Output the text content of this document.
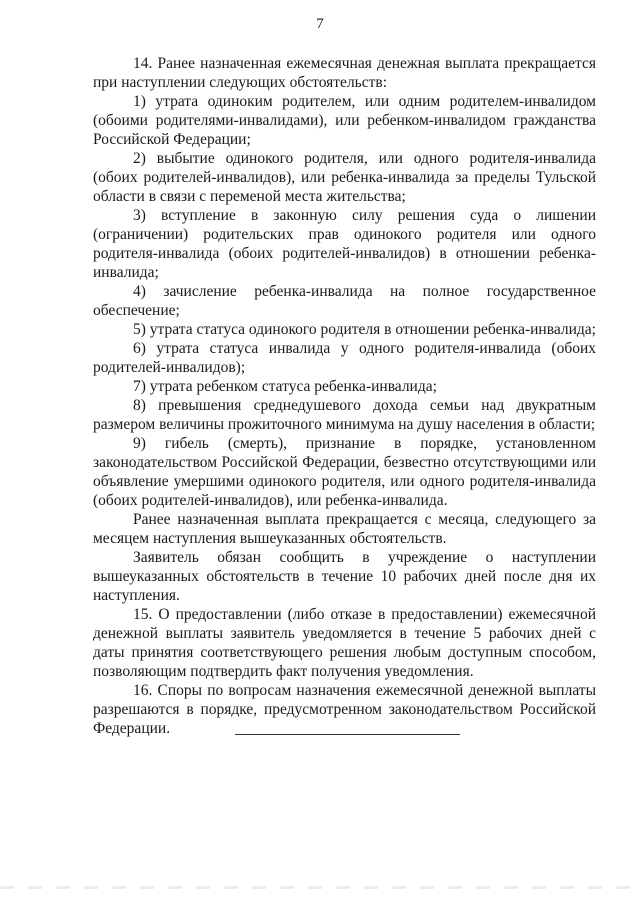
7

14. Ранее назначенная ежемесячная денежная выплата прекращается при наступлении следующих обстоятельств:

1) утрата одиноким родителем, или одним родителем-инвалидом (обоими родителями-инвалидами), или ребенком-инвалидом гражданства Российской Федерации;

2) выбытие одинокого родителя, или одного родителя-инвалида (обоих родителей-инвалидов), или ребенка-инвалида за пределы Тульской области в связи с переменой места жительства;

3) вступление в законную силу решения суда о лишении (ограничении) родительских прав одинокого родителя или одного родителя-инвалида (обоих родителей-инвалидов) в отношении ребенка-инвалида;

4) зачисление ребенка-инвалида на полное государственное обеспечение;

5) утрата статуса одинокого родителя в отношении ребенка-инвалида;

6) утрата статуса инвалида у одного родителя-инвалида (обоих родителей-инвалидов);

7) утрата ребенком статуса ребенка-инвалида;

8) превышения среднедушевого дохода семьи над двукратным размером величины прожиточного минимума на душу населения в области;

9) гибель (смерть), признание в порядке, установленном законодательством Российской Федерации, безвестно отсутствующими или объявление умершими одинокого родителя, или одного родителя-инвалида (обоих родителей-инвалидов), или ребенка-инвалида.

Ранее назначенная выплата прекращается с месяца, следующего за месяцем наступления вышеуказанных обстоятельств.

Заявитель обязан сообщить в учреждение о наступлении вышеуказанных обстоятельств в течение 10 рабочих дней после дня их наступления.

15. О предоставлении (либо отказе в предоставлении) ежемесячной денежной выплаты заявитель уведомляется в течение 5 рабочих дней с даты принятия соответствующего решения любым доступным способом, позволяющим подтвердить факт получения уведомления.

16. Споры по вопросам назначения ежемесячной денежной выплаты разрешаются в порядке, предусмотренном законодательством Российской Федерации.
